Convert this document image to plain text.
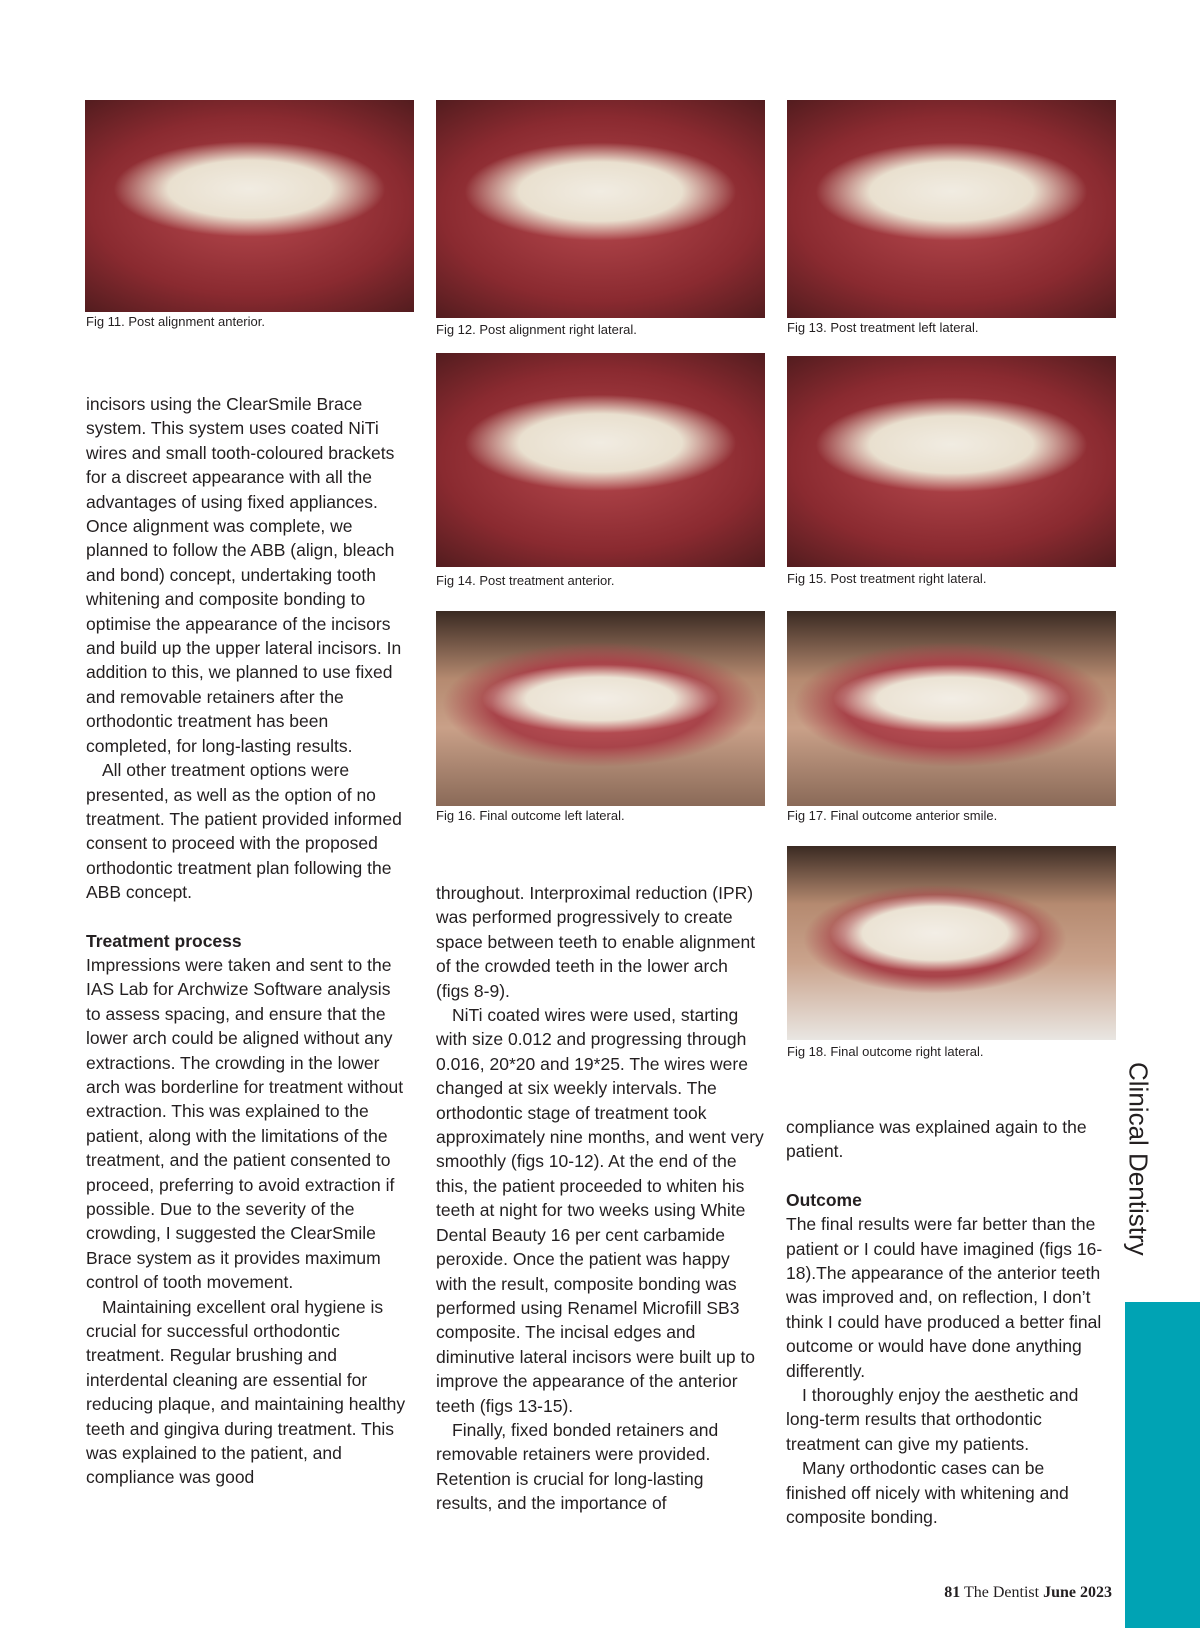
Fig 11. Post alignment anterior.
Fig 12. Post alignment right lateral.	Fig 13. Post treatment left lateral.
Fig 14. Post treatment anterior.	Fig 15. Post treatment right lateral.
Fig 16. Final outcome left lateral.	Fig 17. Final outcome anterior smile.
Fig 18. Final outcome right lateral.

incisors using the ClearSmile Brace system. This system uses coated NiTi wires and small tooth-coloured brackets for a discreet appearance with all the advantages of using fixed appliances. Once alignment was complete, we planned to follow the ABB (align, bleach and bond) concept, undertaking tooth whitening and composite bonding to optimise the appearance of the incisors and build up the upper lateral incisors. In addition to this, we planned to use fixed and removable retainers after the orthodontic treatment has been completed, for long-lasting results.

All other treatment options were presented, as well as the option of no treatment. The patient provided informed consent to proceed with the proposed orthodontic treatment plan following the ABB concept.

Treatment process

Impressions were taken and sent to the IAS Lab for Archwize Software analysis to assess spacing, and ensure that the lower arch could be aligned without any extractions. The crowding in the lower arch was borderline for treatment without extraction. This was explained to the patient, along with the limitations of the treatment, and the patient consented to proceed, preferring to avoid extraction if possible. Due to the severity of the crowding, I suggested the ClearSmile Brace system as it provides maximum control of tooth movement.

Maintaining excellent oral hygiene is crucial for successful orthodontic treatment. Regular brushing and interdental cleaning are essential for reducing plaque, and maintaining healthy teeth and gingiva during treatment. This was explained to the patient, and compliance was good

throughout. Interproximal reduction (IPR) was performed progressively to create space between teeth to enable alignment of the crowded teeth in the lower arch (figs 8-9).

NiTi coated wires were used, starting with size 0.012 and progressing through 0.016, 20*20 and 19*25. The wires were changed at six weekly intervals. The orthodontic stage of treatment took approximately nine months, and went very smoothly (figs 10-12). At the end of the this, the patient proceeded to whiten his teeth at night for two weeks using White Dental Beauty 16 per cent carbamide peroxide. Once the patient was happy with the result, composite bonding was performed using Renamel Microfill SB3 composite. The incisal edges and diminutive lateral incisors were built up to improve the appearance of the anterior teeth (figs 13-15).

Finally, fixed bonded retainers and removable retainers were provided. Retention is crucial for long-lasting results, and the importance of

compliance was explained again to the patient.

Outcome

The final results were far better than the patient or I could have imagined (figs 16-18).The appearance of the anterior teeth was improved and, on reflection, I don’t think I could have produced a better final outcome or would have done anything differently.

I thoroughly enjoy the aesthetic and long-term results that orthodontic treatment can give my patients.

Many orthodontic cases can be finished off nicely with whitening and composite bonding.

Clinical Dentistry
81 The Dentist June 2023
